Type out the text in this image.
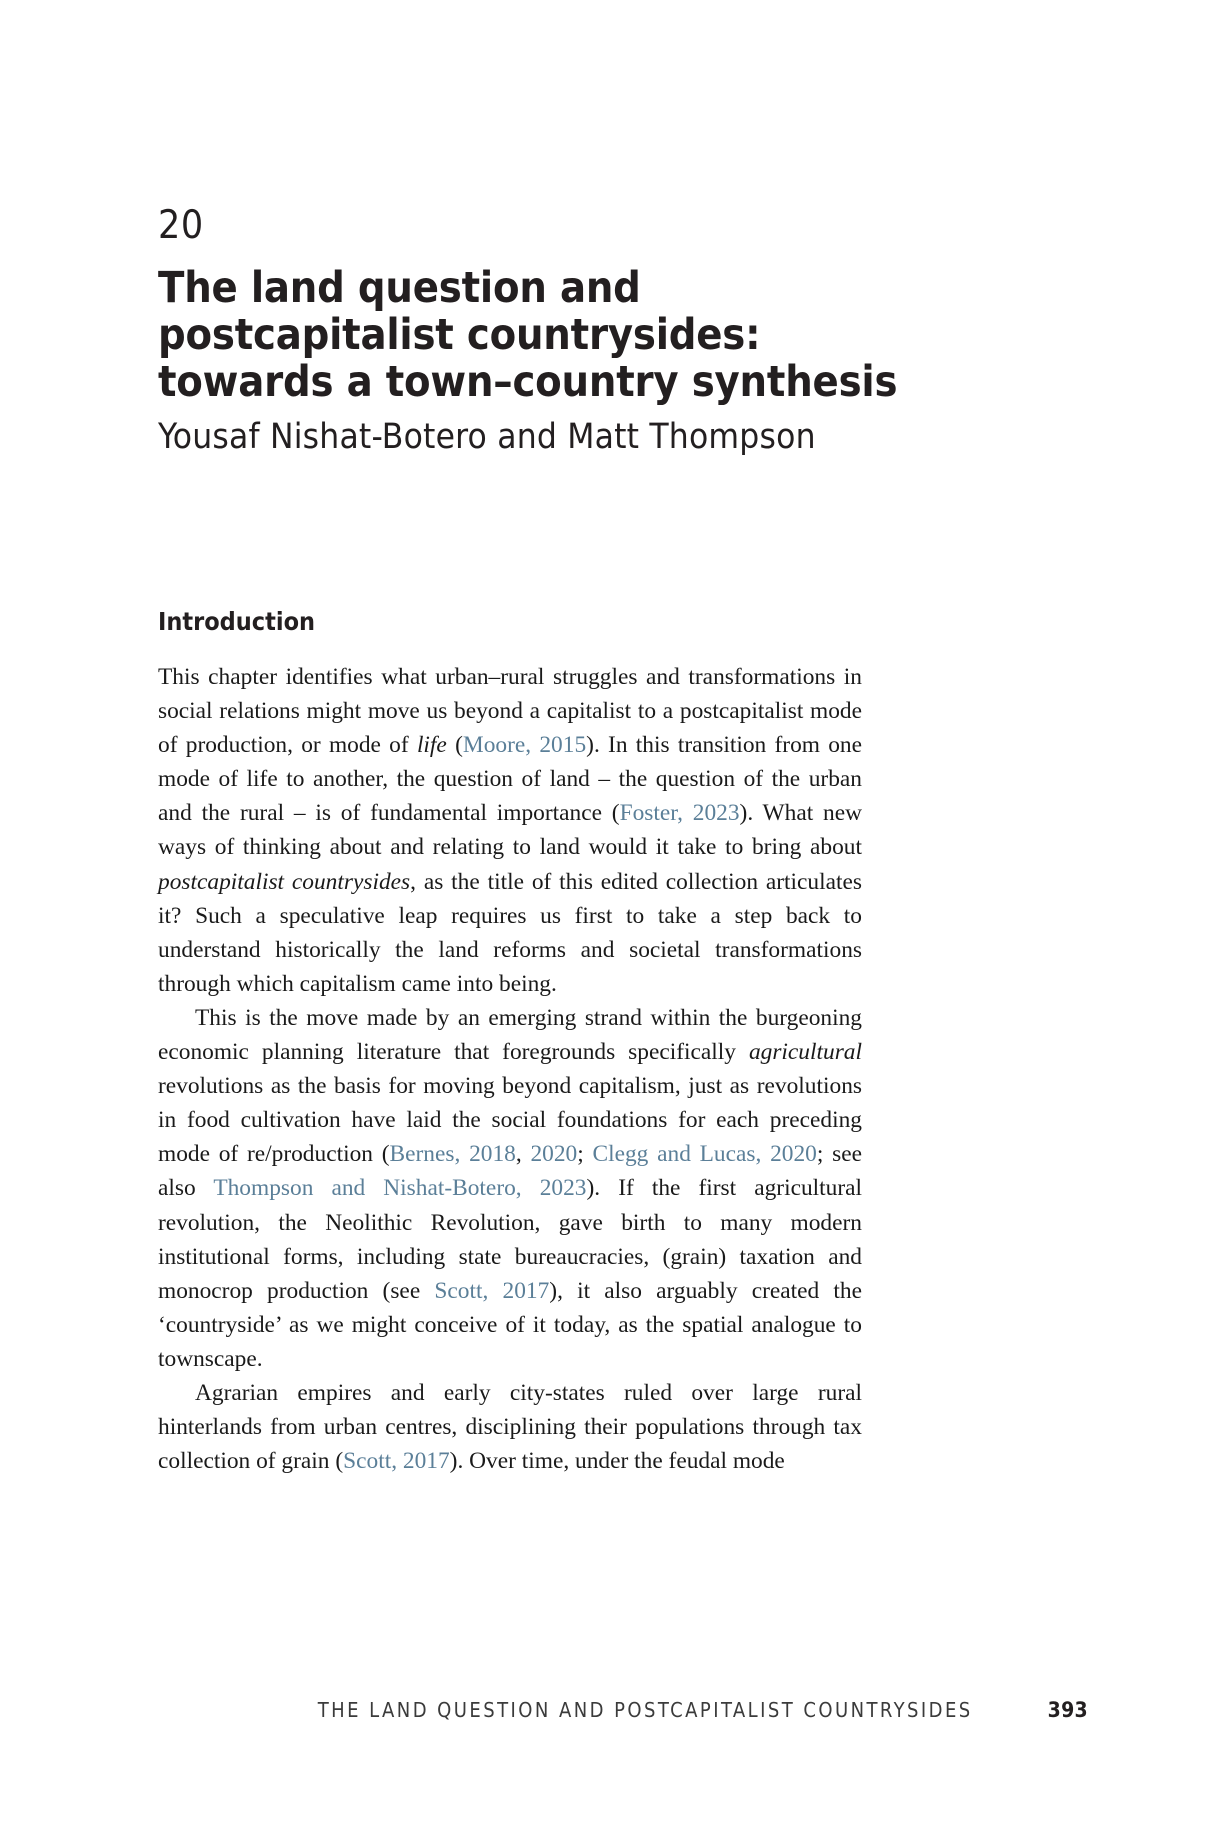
20
The land question and postcapitalist countrysides: towards a town–country synthesis
Yousaf Nishat-Botero and Matt Thompson
Introduction

This chapter identifies what urban–rural struggles and transformations in social relations might move us beyond a capitalist to a postcapitalist mode of production, or mode of life (Moore, 2015). In this transition from one mode of life to another, the question of land – the question of the urban and the rural – is of fundamental importance (Foster, 2023). What new ways of thinking about and relating to land would it take to bring about postcapitalist countrysides, as the title of this edited collection articulates it? Such a speculative leap requires us first to take a step back to understand historically the land reforms and societal transformations through which capitalism came into being.

This is the move made by an emerging strand within the burgeoning economic planning literature that foregrounds specifically agricultural revolutions as the basis for moving beyond capitalism, just as revolutions in food cultivation have laid the social foundations for each preceding mode of re/production (Bernes, 2018, 2020; Clegg and Lucas, 2020; see also Thompson and Nishat-Botero, 2023). If the first agricultural revolution, the Neolithic Revolution, gave birth to many modern institutional forms, including state bureaucracies, (grain) taxation and monocrop production (see Scott, 2017), it also arguably created the ‘countryside’ as we might conceive of it today, as the spatial analogue to townscape.

Agrarian empires and early city-states ruled over large rural hinterlands from urban centres, disciplining their populations through tax collection of grain (Scott, 2017). Over time, under the feudal mode

THE LAND QUESTION AND POSTCAPITALIST COUNTRYSIDES	393
